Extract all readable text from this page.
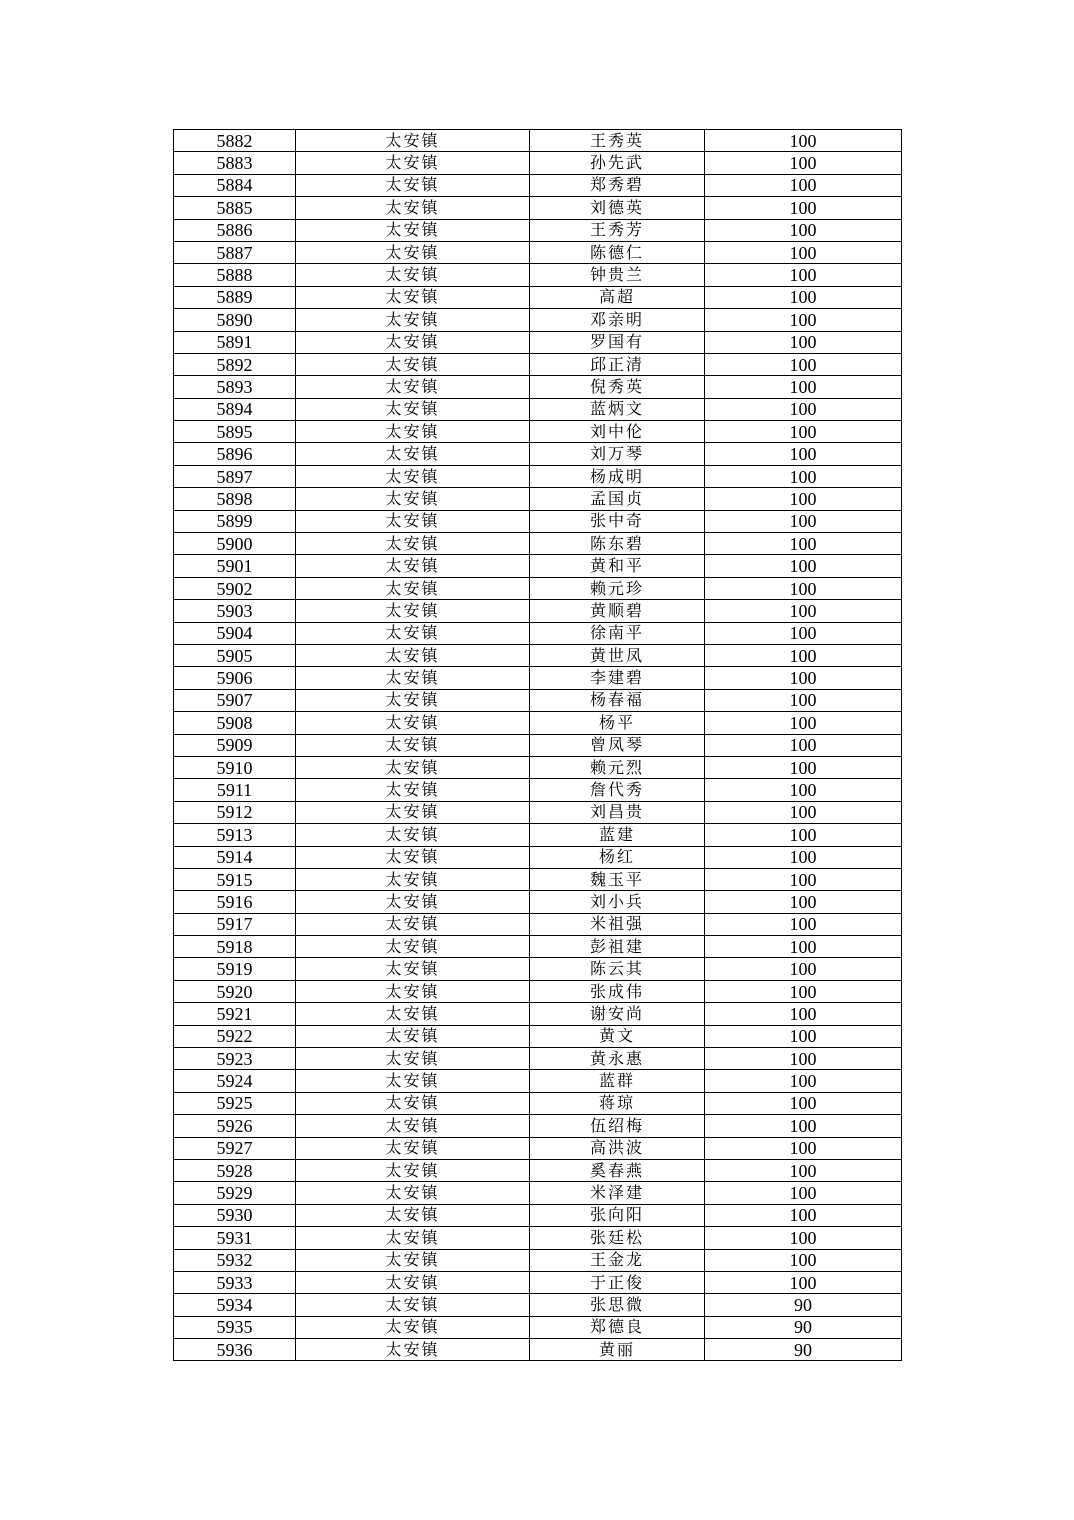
5882	太安镇	王秀英	100
5883	太安镇	孙先武	100
5884	太安镇	郑秀碧	100
5885	太安镇	刘德英	100
5886	太安镇	王秀芳	100
5887	太安镇	陈德仁	100
5888	太安镇	钟贵兰	100
5889	太安镇	高超	100
5890	太安镇	邓亲明	100
5891	太安镇	罗国有	100
5892	太安镇	邱正清	100
5893	太安镇	倪秀英	100
5894	太安镇	蓝炳文	100
5895	太安镇	刘中伦	100
5896	太安镇	刘万琴	100
5897	太安镇	杨成明	100
5898	太安镇	孟国贞	100
5899	太安镇	张中奇	100
5900	太安镇	陈东碧	100
5901	太安镇	黄和平	100
5902	太安镇	赖元珍	100
5903	太安镇	黄顺碧	100
5904	太安镇	徐南平	100
5905	太安镇	黄世凤	100
5906	太安镇	李建碧	100
5907	太安镇	杨春福	100
5908	太安镇	杨平	100
5909	太安镇	曾凤琴	100
5910	太安镇	赖元烈	100
5911	太安镇	詹代秀	100
5912	太安镇	刘昌贵	100
5913	太安镇	蓝建	100
5914	太安镇	杨红	100
5915	太安镇	魏玉平	100
5916	太安镇	刘小兵	100
5917	太安镇	米祖强	100
5918	太安镇	彭祖建	100
5919	太安镇	陈云其	100
5920	太安镇	张成伟	100
5921	太安镇	谢安尚	100
5922	太安镇	黄文	100
5923	太安镇	黄永惠	100
5924	太安镇	蓝群	100
5925	太安镇	蒋琼	100
5926	太安镇	伍绍梅	100
5927	太安镇	高洪波	100
5928	太安镇	奚春燕	100
5929	太安镇	米泽建	100
5930	太安镇	张向阳	100
5931	太安镇	张廷松	100
5932	太安镇	王金龙	100
5933	太安镇	于正俊	100
5934	太安镇	张思微	90
5935	太安镇	郑德良	90
5936	太安镇	黄丽	90
